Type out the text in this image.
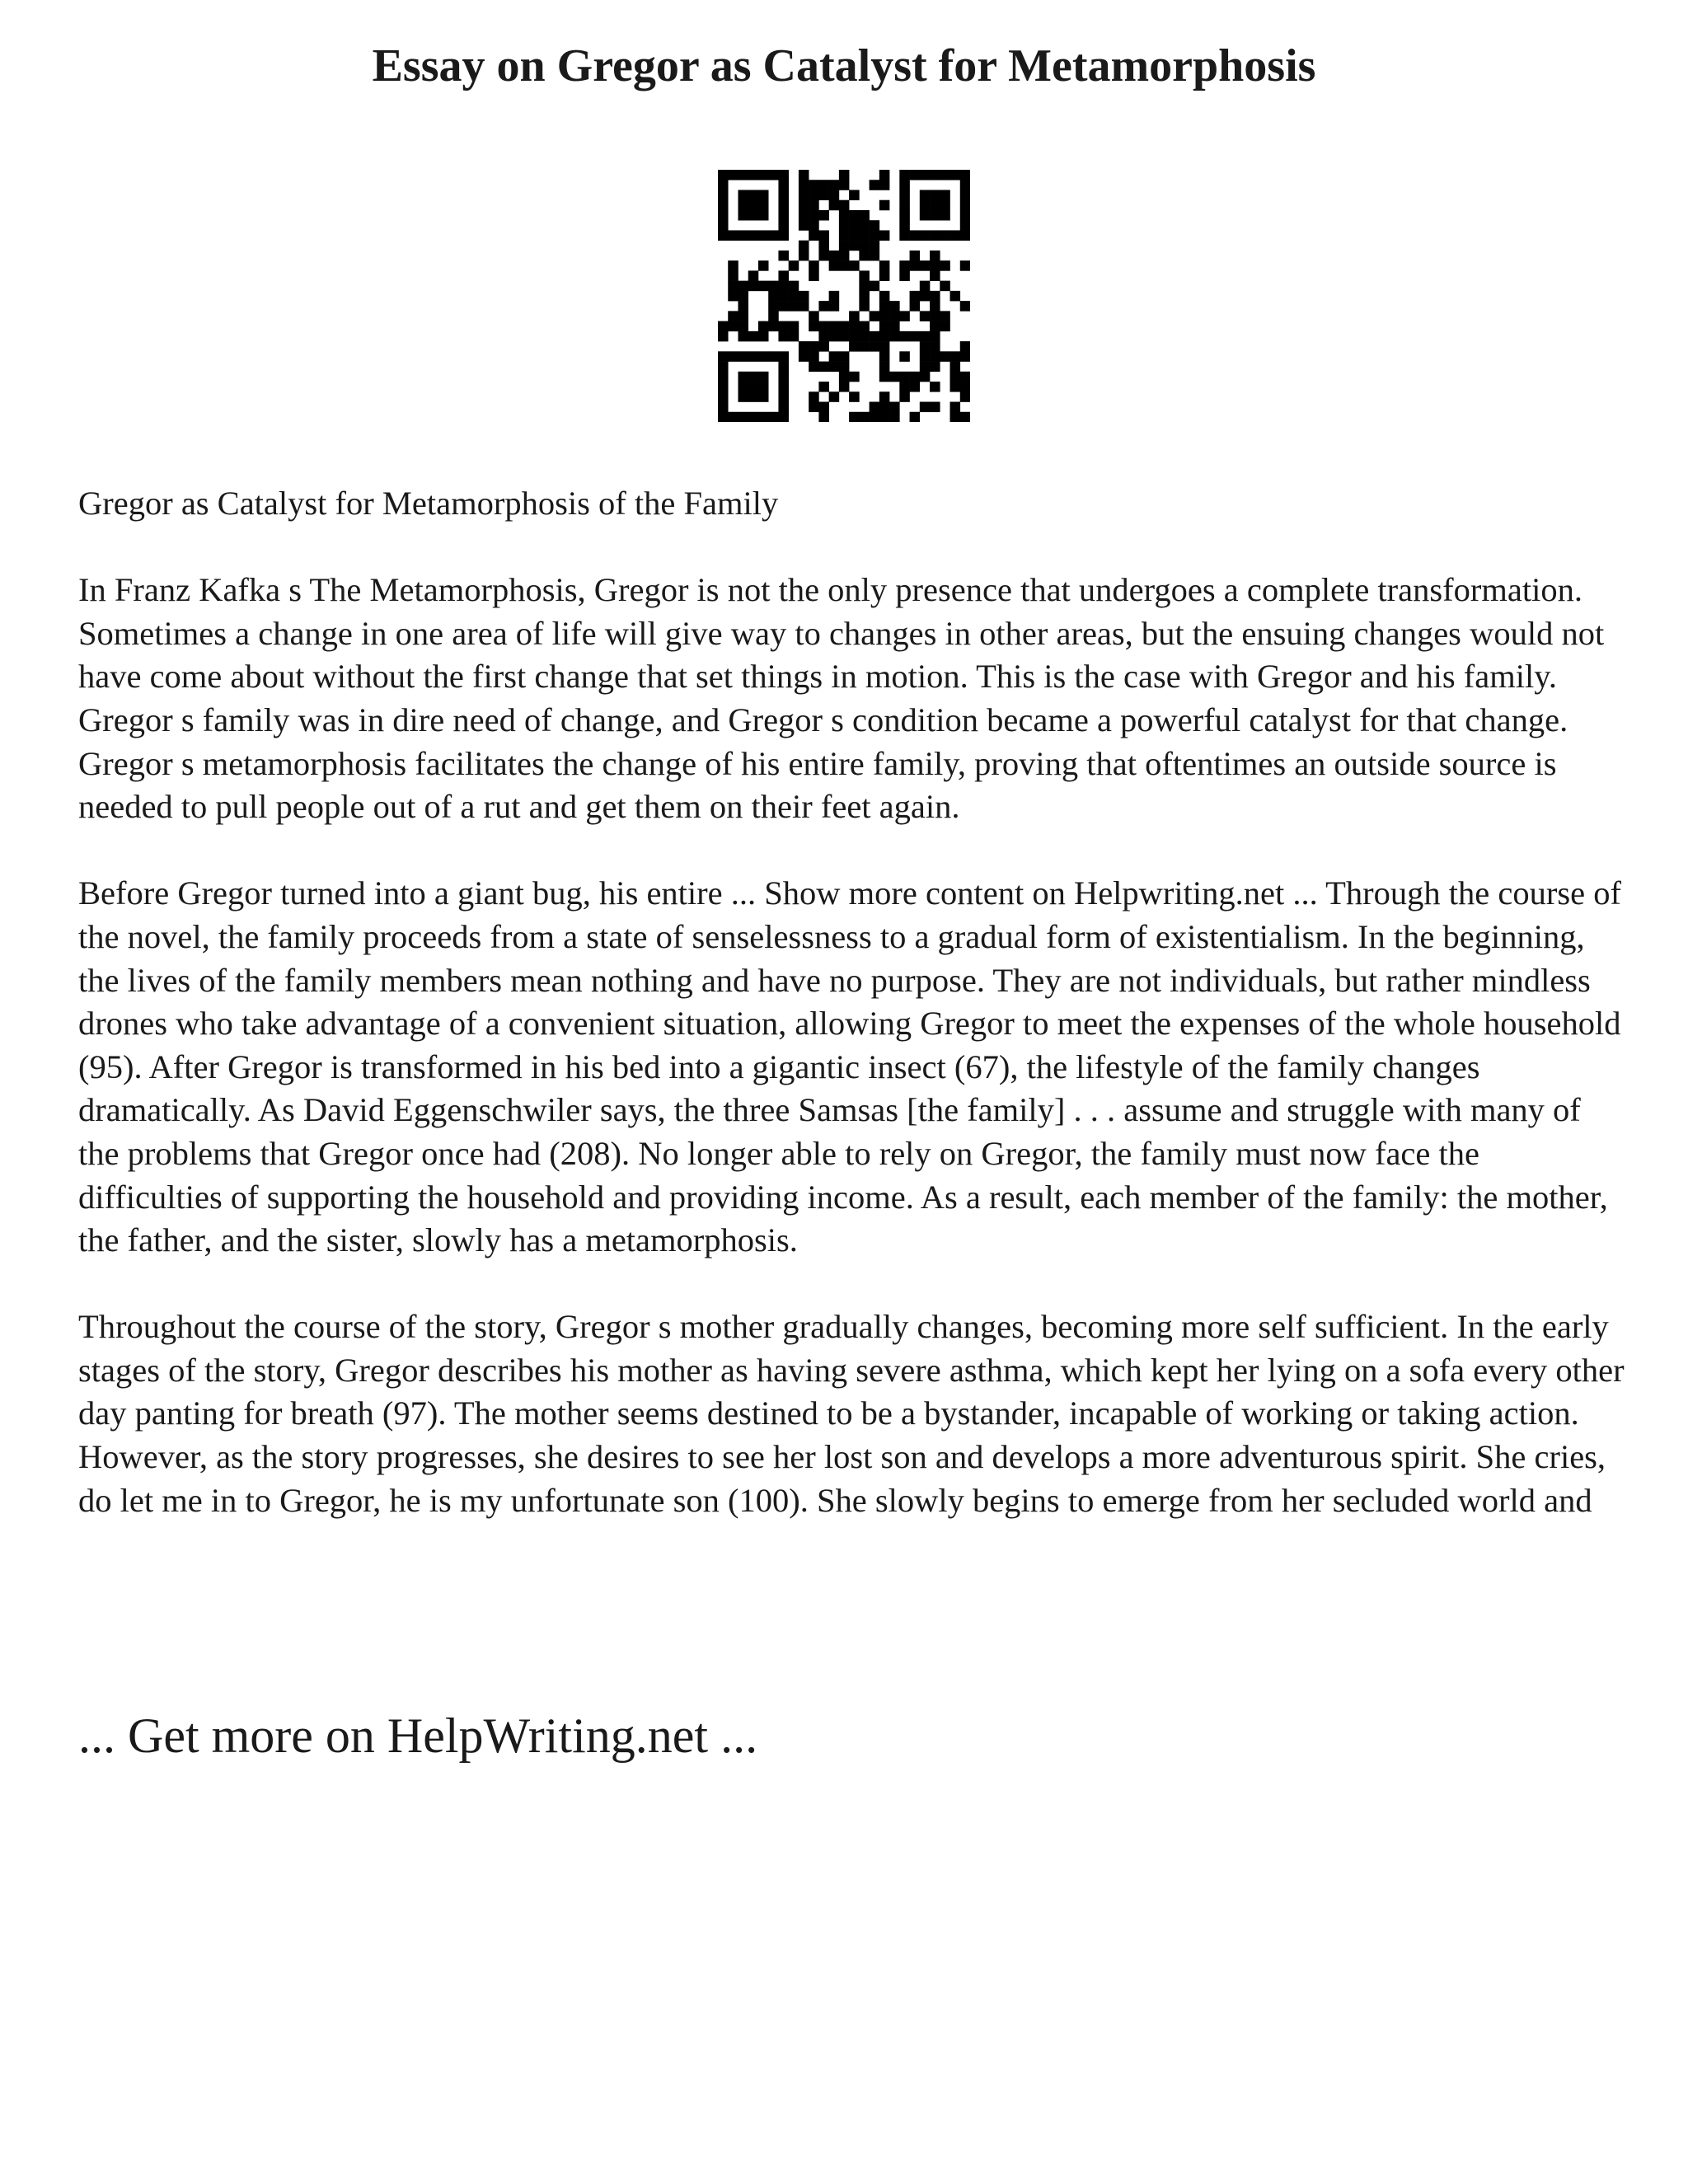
Essay on Gregor as Catalyst for Metamorphosis

Gregor as Catalyst for Metamorphosis of the Family

In Franz Kafka s The Metamorphosis, Gregor is not the only presence that undergoes a complete transformation. Sometimes a change in one area of life will give way to changes in other areas, but the ensuing changes would not have come about without the first change that set things in motion. This is the case with Gregor and his family. Gregor s family was in dire need of change, and Gregor s condition became a powerful catalyst for that change. Gregor s metamorphosis facilitates the change of his entire family, proving that oftentimes an outside source is needed to pull people out of a rut and get them on their feet again.

Before Gregor turned into a giant bug, his entire ... Show more content on Helpwriting.net ... Through the course of the novel, the family proceeds from a state of senselessness to a gradual form of existentialism. In the beginning, the lives of the family members mean nothing and have no purpose. They are not individuals, but rather mindless drones who take advantage of a convenient situation, allowing Gregor to meet the expenses of the whole household (95). After Gregor is transformed in his bed into a gigantic insect (67), the lifestyle of the family changes dramatically. As David Eggenschwiler says, the three Samsas [the family] . . . assume and struggle with many of the problems that Gregor once had (208). No longer able to rely on Gregor, the family must now face the difficulties of supporting the household and providing income. As a result, each member of the family: the mother, the father, and the sister, slowly has a metamorphosis.

Throughout the course of the story, Gregor s mother gradually changes, becoming more self sufficient. In the early stages of the story, Gregor describes his mother as having severe asthma, which kept her lying on a sofa every other day panting for breath (97). The mother seems destined to be a bystander, incapable of working or taking action. However, as the story progresses, she desires to see her lost son and develops a more adventurous spirit. She cries, do let me in to Gregor, he is my unfortunate son (100). She slowly begins to emerge from her secluded world and

... Get more on HelpWriting.net ...
